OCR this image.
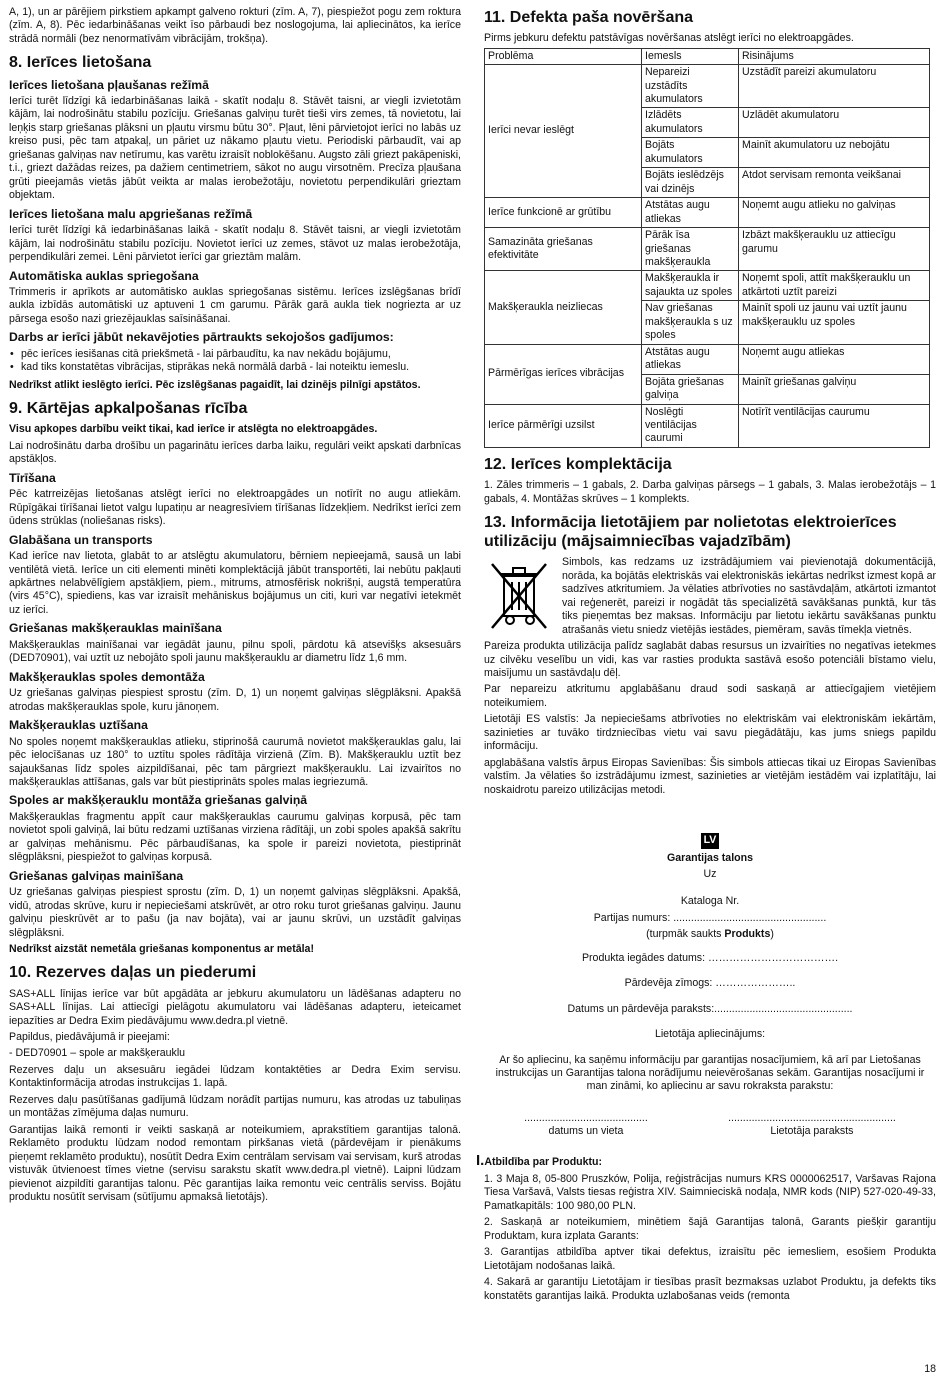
A, 1), un ar pārējiem pirkstiem apkampt galveno rokturi (zīm. A, 7), piespiežot pogu zem roktura (zīm. A, 8). Pēc iedarbināšanas veikt īso pārbaudi bez noslogojuma, lai apliecinātos, ka ierīce strādā normāli (bez nenormatīvām vibrācijām, trokšņa).

8. Ierīces lietošana
Ierīces lietošana pļaušanas režīmā

Ierīci turēt līdzīgi kā iedarbināšanas laikā - skatīt nodaļu 8. Stāvēt taisni, ar viegli izvietotām kājām, lai nodrošinātu stabilu pozīciju. Griešanas galviņu turēt tieši virs zemes, tā novietotu, lai leņķis starp griešanas plāksni un pļautu virsmu būtu 30°. Pļaut, lēni pārvietojot ierīci no labās uz kreiso pusi, pēc tam atpakaļ, un pāriet uz nākamo pļautu vietu. Periodiski pārbaudīt, vai ap griešanas galviņas nav netīrumu, kas varētu izraisīt noblokēšanu. Augsto zāli griezt pakāpeniski, t.i., griezt dažādas reizes, pa dažiem centimetriem, sākot no augu virsotnēm. Precīza pļaušana grūti pieejamās vietās jābūt veikta ar malas ierobežotāju, novietotu perpendikulāri grieztam objektam.

Ierīces lietošana malu apgriešanas režīmā

Ierīci turēt līdzīgi kā iedarbināšanas laikā - skatīt nodaļu 8. Stāvēt taisni, ar viegli izvietotām kājām, lai nodrošinātu stabilu pozīciju. Novietot ierīci uz zemes, stāvot uz malas ierobežotāja, perpendikulāri zemei. Lēni pārvietot ierīci gar grieztām malām.

Automātiska auklas spriegošana

Trimmeris ir aprīkots ar automātisko auklas spriegošanas sistēmu. Ierīces izslēgšanas brīdī aukla izbīdās automātiski uz aptuveni 1 cm garumu. Pārāk garā aukla tiek nogriezta ar uz pārsega esošo nazi griezējauklas saīsināšanai.

Darbs ar ierīci jābūt nekavējoties pārtraukts sekojošos gadījumos:
• pēc ierīces iesišanas citā priekšmetā - lai pārbaudītu, ka nav nekādu bojājumu,
• kad tiks konstatētas vibrācijas, stiprākas nekā normālā darbā - lai noteiktu iemeslu.

Nedrīkst atlikt ieslēgto ierīci. Pēc izslēgšanas pagaidīt, lai dzinējs pilnīgi apstātos.

9. Kārtējas apkalpošanas rīcība

Visu apkopes darbību veikt tikai, kad ierīce ir atslēgta no elektroapgādes.

Lai nodrošinātu darba drošību un pagarinātu ierīces darba laiku, regulāri veikt apskati darbnīcas apstākļos.

Tīrīšana

Pēc katrreizējas lietošanas atslēgt ierīci no elektroapgādes un notīrīt no augu atliekām. Rūpīgākai tīrīšanai lietot valgu lupatiņu ar neagresīviem tīrīšanas līdzekļiem. Nedrīkst ierīci zem ūdens strūklas (noliešanas risks).

Glabāšana un transports

Kad ierīce nav lietota, glabāt to ar atslēgtu akumulatoru, bērniem nepieejamā, sausā un labi ventilētā vietā. Ierīce un citi elementi minēti komplektācijā jābūt transportēti, lai nebūtu pakļauti apkārtnes nelabvēlīgiem apstākļiem, piem., mitrums, atmosfērisk nokrišņi, augstā temperatūra (virs 45°C), spiediens, kas var izraisīt mehāniskus bojājumus un citi, kuri var negatīvi ietekmēt uz ierīci.

Griešanas makšķerauklas mainīšana

Makšķerauklas mainīšanai var iegādāt jaunu, pilnu spoli, pārdotu kā atsevišķs aksesuārs (DED70901), vai uztīt uz nebojāto spoli jaunu makšķerauklu ar diametru līdz 1,6 mm.

Makšķerauklas spoles demontāža

Uz griešanas galviņas piespiest sprostu (zīm. D, 1) un noņemt galviņas slēgplāksni. Apakšā atrodas makšķerauklas spole, kuru jānoņem.

Makšķerauklas uztīšana

No spoles noņemt makšķerauklas atlieku, stiprinošā caurumā novietot makšķerauklas galu, lai pēc ielocīšanas uz 180° to uztītu spoles rādītāja virzienā (Zīm. B). Makšķerauklu uztīt bez sajaukšanas līdz spoles aizpildīšanai, pēc tam pārgriezt makšķerauklu. Lai izvairītos no makšķerauklas attīšanas, gals var būt piestiprināts spoles malas iegriezumā.

Spoles ar makšķerauklu montāža griešanas galviņā

Makšķerauklas fragmentu appīt caur makšķerauklas caurumu galviņas korpusā, pēc tam novietot spoli galviņā, lai būtu redzami uztīšanas virziena rādītāji, un zobi spoles apakšā sakrītu ar galviņas mehānismu. Pēc pārbaudīšanas, ka spole ir pareizi novietota, piestiprināt slēgplāksni, piespiežot to galviņas korpusā.

Griešanas galviņas mainīšana

Uz griešanas galviņas piespiest sprostu (zīm. D, 1) un noņemt galviņas slēgplāksni. Apakšā, vidū, atrodas skrūve, kuru ir nepieciešami atskrūvēt, ar otro roku turot griešanas galviņu. Jaunu galviņu pieskrūvēt ar to pašu (ja nav bojāta), vai ar jaunu skrūvi, un uzstādīt galviņas slēgplāksni.

Nedrīkst aizstāt nemetāla griešanas komponentus ar metāla!

10. Rezerves daļas un piederumi

SAS+ALL līnijas ierīce var būt apgādāta ar jebkuru akumulatoru un lādēšanas adapteru no SAS+ALL līnijas. Lai attiecīgi pielāgotu akumulatoru vai lādēšanas adapteru, ieteicamet iepazīties ar Dedra Exim piedāvājumu www.dedra.pl vietnē.

Papildus, piedāvājumā ir pieejami:

- DED70901 – spole ar makšķerauklu

Rezerves daļu un aksesuāru iegādei lūdzam kontaktēties ar Dedra Exim servisu. Kontaktinformācija atrodas instrukcijas 1. lapā.

Rezerves daļu pasūtīšanas gadījumā lūdzam norādīt partijas numuru, kas atrodas uz tabuliņas un montāžas zīmējuma daļas numuru.

Garantijas laikā remonti ir veikti saskaņā ar noteikumiem, aprakstītiem garantijas talonā. Reklamēto produktu lūdzam nodod remontam pirkšanas vietā (pārdevējam ir pienākums pieņemt reklamēto produktu), nosūtīt Dedra Exim centrālam servisam vai servisam, kurš atrodas vistuvāk ūtvienoest tīmes vietne (servisu sarakstu skatīt www.dedra.pl vietnē). Laipni lūdzam pievienot aizpildīti garantijas talonu. Pēc garantijas laika remontu veic centrālis serviss. Bojātu produktu nosūtīt servisam (sūtījumu apmaksā lietotājs).

11. Defekta paša novēršana

Pirms jebkuru defektu patstāvīgas novēršanas atslēgt ierīci no elektroapgādes.

Problēma	Iemesls	Risinājums
Ierīci nevar ieslēgt	Nepareizi uzstādīts akumulators	Uzstādīt pareizi akumulatoru
	Izlādēts akumulators	Uzlādēt akumulatoru
	Bojāts akumulators	Mainīt akumulatoru uz nebojātu
	Bojāts ieslēdzējs vai dzinējs	Atdot servisam remonta veikšanai
Ierīce funkcionē ar grūtību	Atstātas augu atliekas	Noņemt augu atlieku no galviņas
Samazināta griešanas efektivitāte	Pārāk īsa griešanas makšķeraukla	Izbāzt makšķerauklu uz attiecīgu garumu
Makšķeraukla neizliecas	Makšķeraukla ir sajaukta uz spoles	Noņemt spoli, attīt makšķerauklu un atkārtoti uztīt pareizi
	Nav griešanas makšķeraukla s uz spoles	Mainīt spoli uz jaunu vai uztīt jaunu makšķerauklu uz spoles
Pārmērīgas ierīces vibrācijas	Atstātas augu atliekas	Noņemt augu atliekas
	Bojāta griešanas galviņa	Mainīt griešanas galviņu
Ierīce pārmērīgi uzsilst	Noslēgti ventilācijas caurumi	Notīrīt ventilācijas caurumu
12. Ierīces komplektācija

1. Zāles trimmeris – 1 gabals, 2. Darba galviņas pārsegs – 1 gabals, 3. Malas ierobežotājs – 1 gabals, 4. Montāžas skrūves – 1 komplekts.

13. Informācija lietotājiem par nolietotas elektroierīces utilizāciju (mājsaimniecības vajadzībām)

Simbols, kas redzams uz izstrādājumiem vai pievienotajā dokumentācijā, norāda, ka bojātās elektriskās vai elektroniskās iekārtas nedrīkst izmest kopā ar sadzīves atkritumiem. Ja vēlaties atbrīvoties no sastāvdaļām, atkārtoti izmantot vai reģenerēt, pareizi ir nogādāt tās specializētā savākšanas punktā, kur tās tiks pieņemtas bez maksas. Informāciju par lietotu iekārtu savākšanas punktu atrašanās vietu sniedz vietējās iestādes, piemēram, savās tīmekļa vietnēs.

Pareiza produkta utilizācija palīdz saglabāt dabas resursus un izvairīties no negatīvas ietekmes uz cilvēku veselību un vidi, kas var rasties produkta sastāvā esošo potenciāli bīstamo vielu, maisījumu un sastāvdaļu dēļ.

Par nepareizu atkritumu apglabāšanu draud sodi saskaņā ar attiecīgajiem vietējiem noteikumiem.

Lietotāji ES valstīs: Ja nepieciešams atbrīvoties no elektriskām vai elektroniskām iekārtām, sazinieties ar tuvāko tirdzniecības vietu vai savu piegādātāju, kas jums sniegs papildu informāciju.

apglabāšana valstīs ārpus Eiropas Savienības: Šis simbols attiecas tikai uz Eiropas Savienības valstīm. Ja vēlaties šo izstrādājumu izmest, sazinieties ar vietējām iestādēm vai izplatītāju, lai noskaidrotu pareizo utilizācijas metodi.

LV

Garantijas talons

Uz

Kataloga Nr.

Partijas numurs: ....................................................

(turpmāk saukts Produkts)

Produkta iegādes datums: ……………………………….

Pārdevēja zīmogs: …………………..

Datums un pārdevēja paraksts:...............................................

Lietotāja apliecinājums:

Ar šo apliecinu, ka saņēmu informāciju par garantijas nosacījumiem, kā arī par Lietošanas instrukcijas un Garantijas talona norādījumu neievērošanas sekām. Garantijas nosacījumi ir man zināmi, ko apliecinu ar savu rokraksta parakstu:

..........................................
datums un vieta
.........................................................
Lietotāja paraksts

I.Atbildība par Produktu:

1. 3 Maja 8, 05-800 Pruszków, Polija, reģistrācijas numurs KRS 0000062517, Varšavas Rajona Tiesa Varšavā, Valsts tiesas reģistra XIV. Saimnieciskā nodaļa, NMR kods (NIP) 527-020-49-33, Pamatkapitāls: 100 980,00 PLN.

2. Saskaņā ar noteikumiem, minētiem šajā Garantijas talonā, Garants piešķir garantiju Produktam, kura izplata Garants:

3. Garantijas atbildība aptver tikai defektus, izraisītu pēc iemesliem, esošiem Produkta Lietotājam nodošanas laikā.

4. Sakarā ar garantiju Lietotājam ir tiesības prasīt bezmaksas uzlabot Produktu, ja defekts tiks konstatēts garantijas laikā. Produkta uzlabošanas veids (remonta

18
